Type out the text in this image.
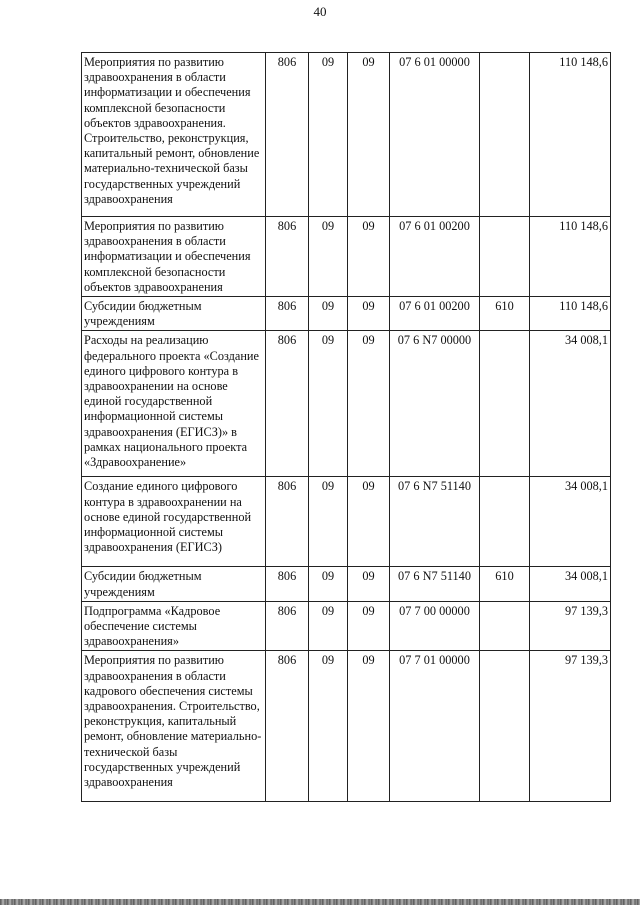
40
Мероприятия по развитию здравоохранения в области информатизации и обеспечения комплексной безопасности объектов здравоохранения. Строительство, реконструкция, капитальный ремонт, обновление материально-технической базы государственных учреждений здравоохранения	806	09	09	07 6 01 00000		110 148,6
Мероприятия по развитию здравоохранения в области информатизации и обеспечения комплексной безопасности объектов здравоохранения	806	09	09	07 6 01 00200		110 148,6
Субсидии бюджетным учреждениям	806	09	09	07 6 01 00200	610	110 148,6
Расходы на реализацию федерального проекта «Создание единого цифрового контура в здравоохранении на основе единой государственной информационной системы здравоохранения (ЕГИСЗ)» в рамках национального проекта «Здравоохранение»	806	09	09	07 6 N7 00000		34 008,1
Создание единого цифрового контура в здравоохранении на основе единой государственной информационной системы здравоохранения (ЕГИСЗ)	806	09	09	07 6 N7 51140		34 008,1
Субсидии бюджетным учреждениям	806	09	09	07 6 N7 51140	610	34 008,1
Подпрограмма «Кадровое обеспечение системы здравоохранения»	806	09	09	07 7 00 00000		97 139,3
Мероприятия по развитию здравоохранения в области кадрового обеспечения системы здравоохранения. Строительство, реконструкция, капитальный ремонт, обновление материально-технической базы государственных учреждений здравоохранения	806	09	09	07 7 01 00000		97 139,3
